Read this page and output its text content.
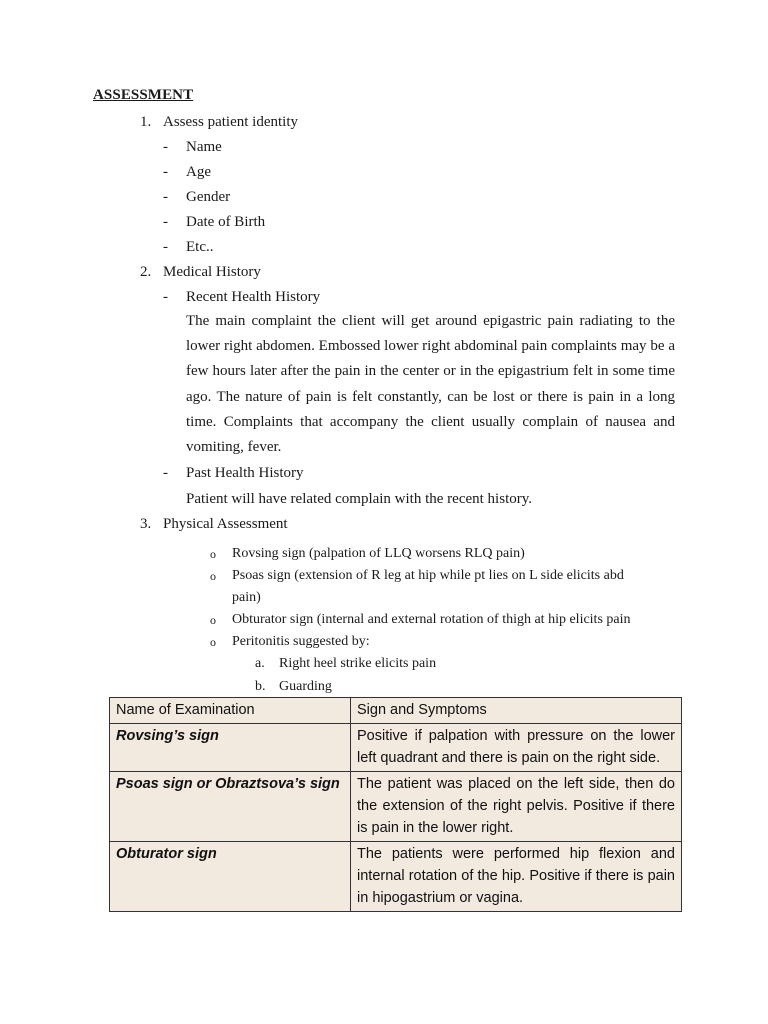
ASSESSMENT
1. Assess patient identity
- Name
- Age
- Gender
- Date of Birth
- Etc..
2. Medical History
- Recent Health History
The main complaint the client will get around epigastric pain radiating to the lower right abdomen. Embossed lower right abdominal pain complaints may be a few hours later after the pain in the center or in the epigastrium felt in some time ago. The nature of pain is felt constantly, can be lost or there is pain in a long time. Complaints that accompany the client usually complain of nausea and vomiting, fever.
- Past Health History
Patient will have related complain with the recent history.
3. Physical Assessment
o Rovsing sign (palpation of LLQ worsens RLQ pain)
o Psoas sign (extension of R leg at hip while pt lies on L side elicits abd
pain)
o Obturator sign (internal and external rotation of thigh at hip elicits pain
o Peritonitis suggested by:
a. Right heel strike elicits pain
b. Guarding
Name of Examination	Sign and Symptoms
Rovsing’s sign	Positive if palpation with pressure on the lower left quadrant and there is pain on the right side.
Psoas sign or Obraztsova’s sign	The patient was placed on the left side, then do the extension of the right pelvis. Positive if there is pain in the lower right.
Obturator sign	The patients were performed hip flexion and internal rotation of the hip. Positive if there is pain in hipogastrium or vagina.
